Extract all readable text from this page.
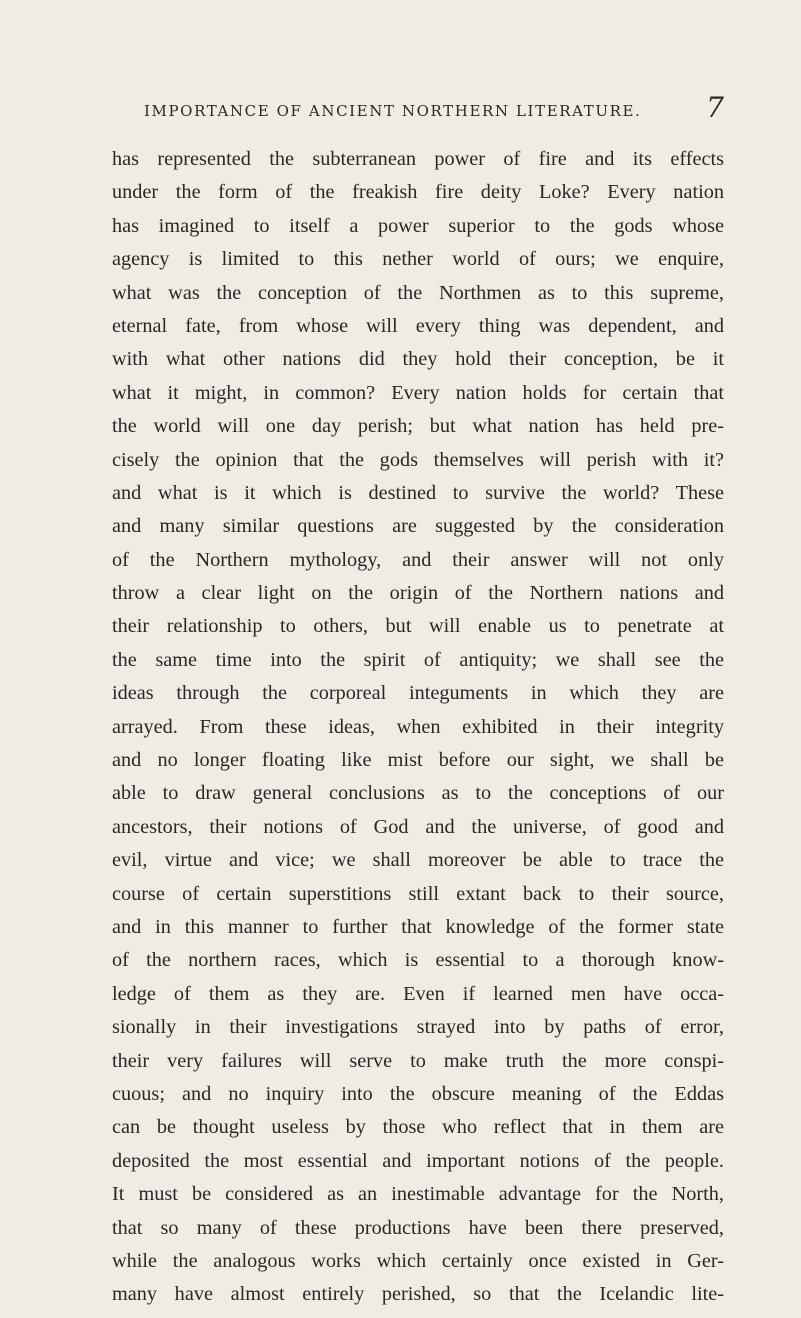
IMPORTANCE OF ANCIENT NORTHERN LITERATURE. 7
has represented the subterranean power of fire and its effects
under the form of the freakish fire deity Loke? Every nation
has imagined to itself a power superior to the gods whose
agency is limited to this nether world of ours; we enquire,
what was the conception of the Northmen as to this supreme,
eternal fate, from whose will every thing was dependent, and
with what other nations did they hold their conception, be it
what it might, in common? Every nation holds for certain that
the world will one day perish; but what nation has held pre-
cisely the opinion that the gods themselves will perish with it?
and what is it which is destined to survive the world? These
and many similar questions are suggested by the consideration
of the Northern mythology, and their answer will not only
throw a clear light on the origin of the Northern nations and
their relationship to others, but will enable us to penetrate at
the same time into the spirit of antiquity; we shall see the
ideas through the corporeal integuments in which they are
arrayed. From these ideas, when exhibited in their integrity
and no longer floating like mist before our sight, we shall be
able to draw general conclusions as to the conceptions of our
ancestors, their notions of God and the universe, of good and
evil, virtue and vice; we shall moreover be able to trace the
course of certain superstitions still extant back to their source,
and in this manner to further that knowledge of the former state
of the northern races, which is essential to a thorough know-
ledge of them as they are. Even if learned men have occa-
sionally in their investigations strayed into by paths of error,
their very failures will serve to make truth the more conspi-
cuous; and no inquiry into the obscure meaning of the Eddas
can be thought useless by those who reflect that in them are
deposited the most essential and important notions of the people.
It must be considered as an inestimable advantage for the North,
that so many of these productions have been there preserved,
while the analogous works which certainly once existed in Ger-
many have almost entirely perished, so that the Icelandic lite-
